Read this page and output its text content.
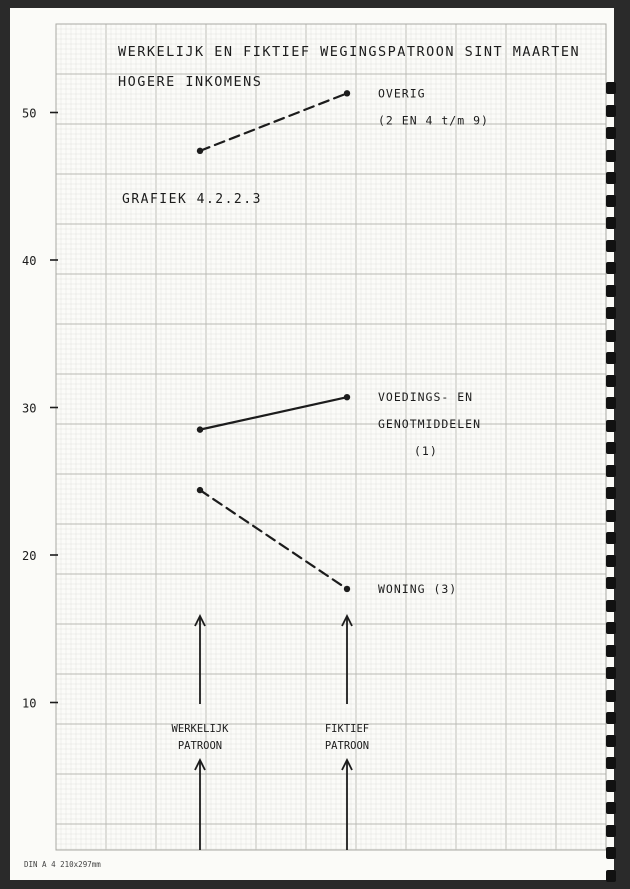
10
20
30
40
50
OVERIG
(2 EN 4 t/m 9)
VOEDINGS- EN
GENOTMIDDELEN
(1)
WONING (3)
WERKELIJK
PATROON
FIKTIEF
PATROON
WERKELIJK EN FIKTIEF WEGINGSPATROON SINT MAARTEN
HOGERE INKOMENS
GRAFIEK 4.2.2.3
DIN A 4 210x297mm
